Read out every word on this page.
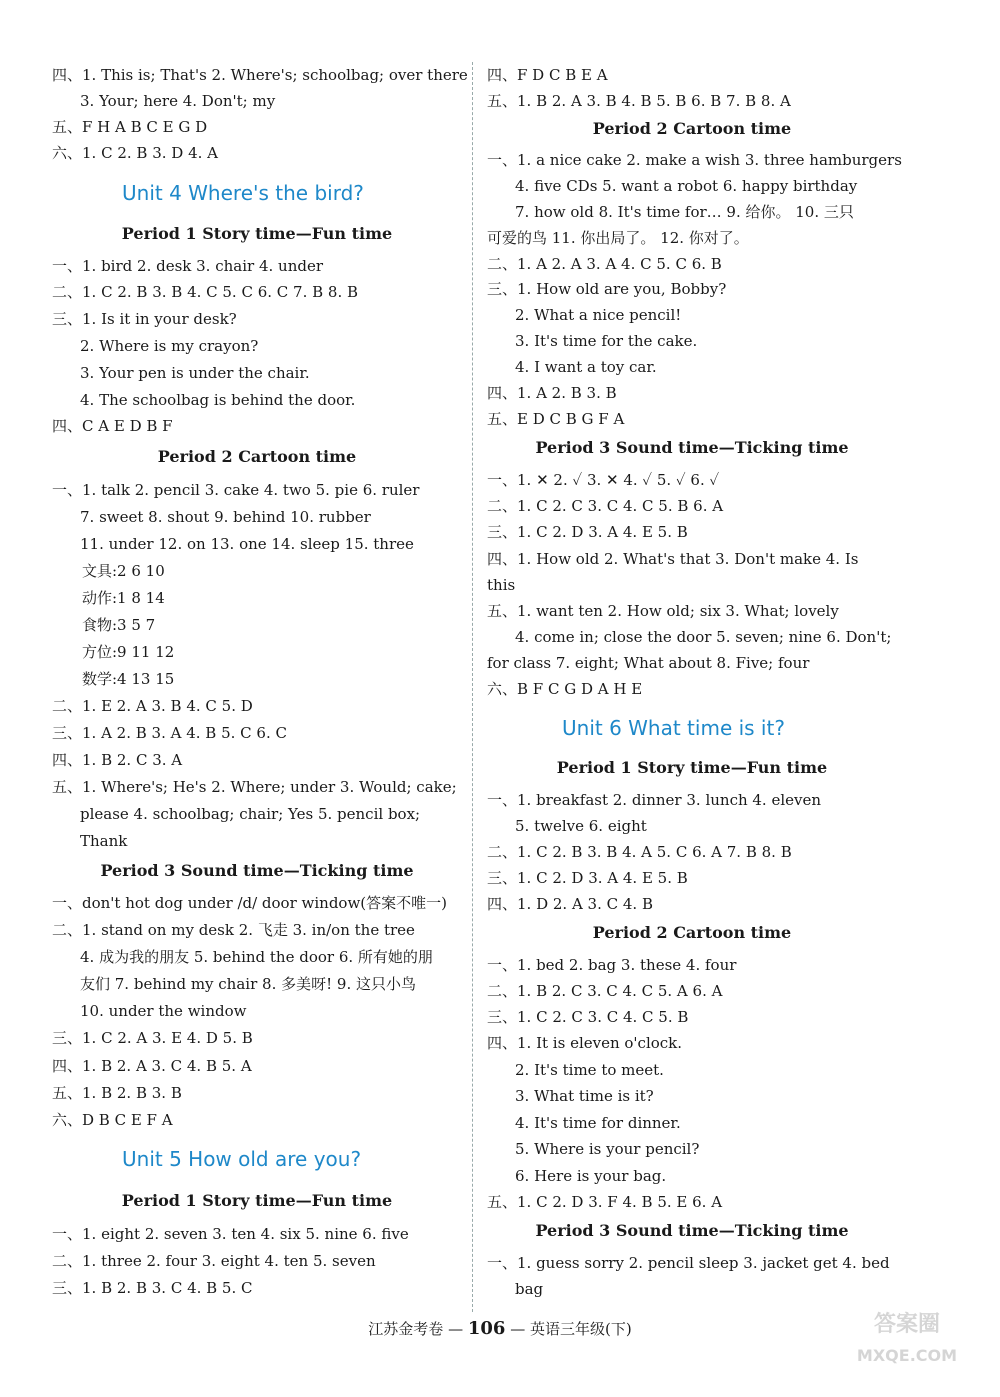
四、1. This is; That's 2. Where's; schoolbag; over there
3. Your; here 4. Don't; my
五、F H A B C E G D
六、1. C 2. B 3. D 4. A
Unit 4 Where's the bird?
Period 1 Story time—Fun time
一、1. bird 2. desk 3. chair 4. under
二、1. C 2. B 3. B 4. C 5. C 6. C 7. B 8. B
三、1. Is it in your desk?
2. Where is my crayon?
3. Your pen is under the chair.
4. The schoolbag is behind the door.
四、C A E D B F
Period 2 Cartoon time
一、1. talk 2. pencil 3. cake 4. two 5. pie 6. ruler
7. sweet 8. shout 9. behind 10. rubber
11. under 12. on 13. one 14. sleep 15. three
文具:2 6 10
动作:1 8 14
食物:3 5 7
方位:9 11 12
数学:4 13 15
二、1. E 2. A 3. B 4. C 5. D
三、1. A 2. B 3. A 4. B 5. C 6. C
四、1. B 2. C 3. A
五、1. Where's; He's 2. Where; under 3. Would; cake;
please 4. schoolbag; chair; Yes 5. pencil box;
Thank
Period 3 Sound time—Ticking time
一、don't hot dog under /d/ door window(答案不唯一)
二、1. stand on my desk 2. 飞走 3. in/on the tree
4. 成为我的朋友 5. behind the door 6. 所有她的朋
友们 7. behind my chair 8. 多美呀! 9. 这只小鸟
10. under the window
三、1. C 2. A 3. E 4. D 5. B
四、1. B 2. A 3. C 4. B 5. A
五、1. B 2. B 3. B
六、D B C E F A
Unit 5 How old are you?
Period 1 Story time—Fun time
一、1. eight 2. seven 3. ten 4. six 5. nine 6. five
二、1. three 2. four 3. eight 4. ten 5. seven
三、1. B 2. B 3. C 4. B 5. C
四、F D C B E A
五、1. B 2. A 3. B 4. B 5. B 6. B 7. B 8. A
Period 2 Cartoon time
一、1. a nice cake 2. make a wish 3. three hamburgers
4. five CDs 5. want a robot 6. happy birthday
7. how old 8. It's time for… 9. 给你。 10. 三只
可爱的鸟 11. 你出局了。 12. 你对了。
二、1. A 2. A 3. A 4. C 5. C 6. B
三、1. How old are you, Bobby?
2. What a nice pencil!
3. It's time for the cake.
4. I want a toy car.
四、1. A 2. B 3. B
五、E D C B G F A
Period 3 Sound time—Ticking time
一、1. ✕ 2. ✓ 3. ✕ 4. ✓ 5. ✓ 6. ✓
二、1. C 2. C 3. C 4. C 5. B 6. A
三、1. C 2. D 3. A 4. E 5. B
四、1. How old 2. What's that 3. Don't make 4. Is
this
五、1. want ten 2. How old; six 3. What; lovely
4. come in; close the door 5. seven; nine 6. Don't;
for class 7. eight; What about 8. Five; four
六、B F C G D A H E
Unit 6 What time is it?
Period 1 Story time—Fun time
一、1. breakfast 2. dinner 3. lunch 4. eleven
5. twelve 6. eight
二、1. C 2. B 3. B 4. A 5. C 6. A 7. B 8. B
三、1. C 2. D 3. A 4. E 5. B
四、1. D 2. A 3. C 4. B
Period 2 Cartoon time
一、1. bed 2. bag 3. these 4. four
二、1. B 2. C 3. C 4. C 5. A 6. A
三、1. C 2. C 3. C 4. C 5. B
四、1. It is eleven o'clock.
2. It's time to meet.
3. What time is it?
4. It's time for dinner.
5. Where is your pencil?
6. Here is your bag.
五、1. C 2. D 3. F 4. B 5. E 6. A
Period 3 Sound time—Ticking time
一、1. guess sorry 2. pencil sleep 3. jacket get 4. bed
bag
江苏金考卷 — 106 — 英语三年级(下)	答案圈
MXQE.COM
